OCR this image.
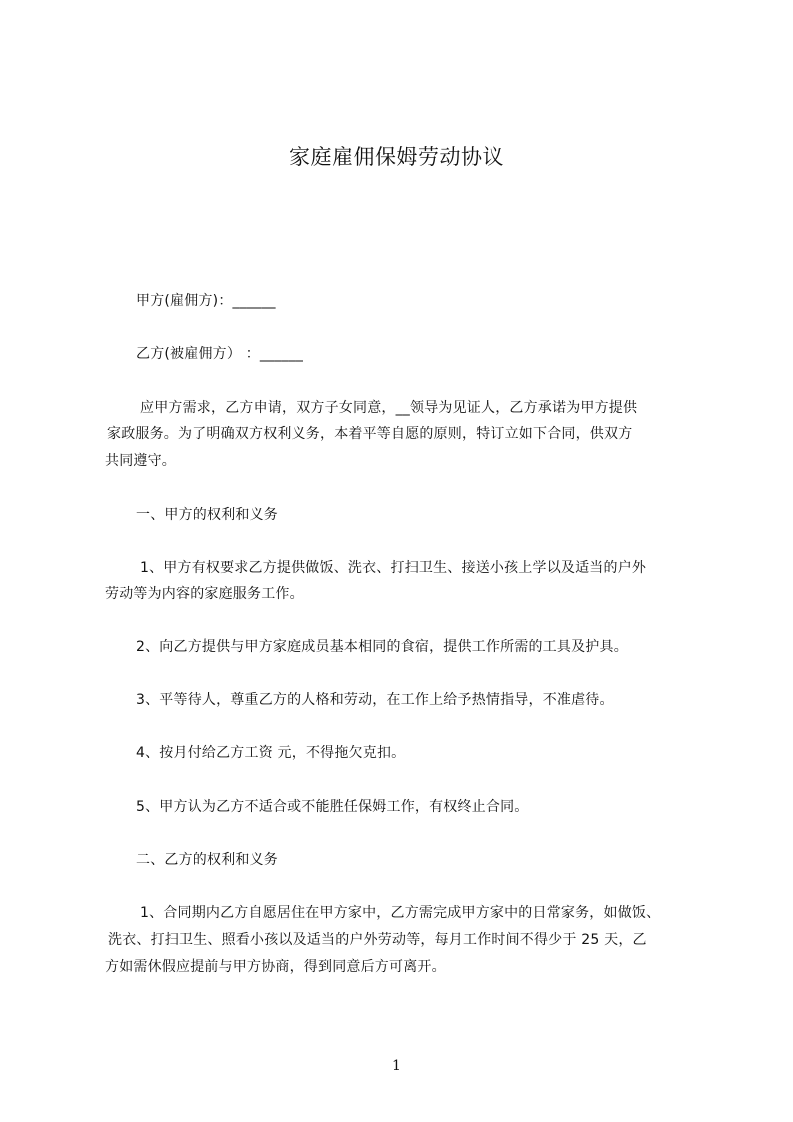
家庭雇佣保姆劳动协议
甲方(雇佣方)：______
乙方(被雇佣方） ：______
应甲方需求，乙方申请，双方子女同意，__领导为见证人，乙方承诺为甲方提供
家政服务。为了明确双方权利义务，本着平等自愿的原则，特订立如下合同，供双方
共同遵守。
一、甲方的权利和义务
1、甲方有权要求乙方提供做饭、洗衣、打扫卫生、接送小孩上学以及适当的户外
劳动等为内容的家庭服务工作。
2、向乙方提供与甲方家庭成员基本相同的食宿，提供工作所需的工具及护具。
3、平等待人，尊重乙方的人格和劳动，在工作上给予热情指导，不准虐待。
4、按月付给乙方工资 元，不得拖欠克扣。
5、甲方认为乙方不适合或不能胜任保姆工作，有权终止合同。
二、乙方的权利和义务
1、合同期内乙方自愿居住在甲方家中，乙方需完成甲方家中的日常家务，如做饭、
洗衣、打扫卫生、照看小孩以及适当的户外劳动等，每月工作时间不得少于 25 天，乙
方如需休假应提前与甲方协商，得到同意后方可离开。
1
